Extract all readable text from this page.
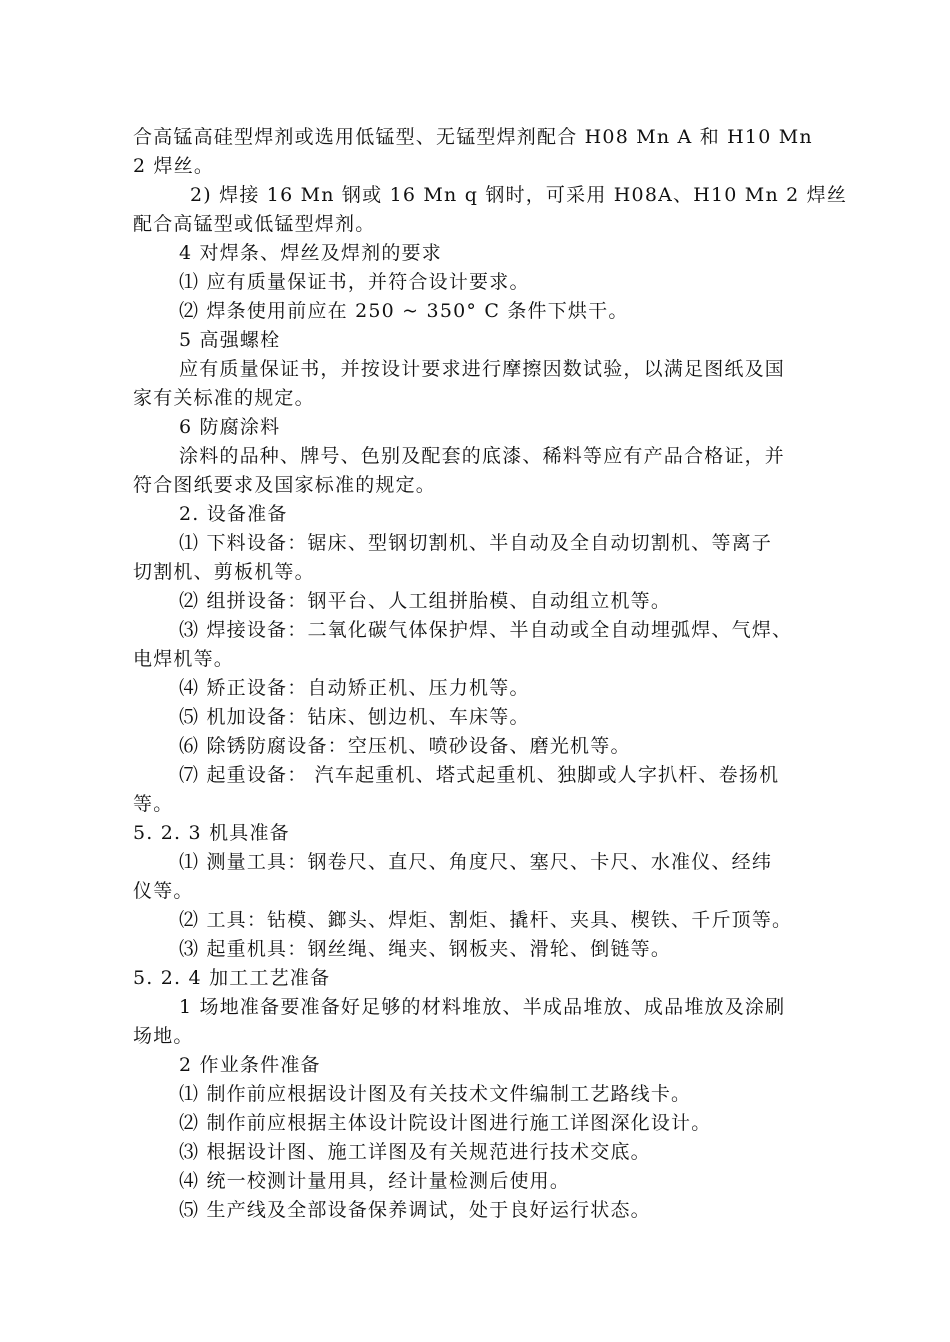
合高锰高硅型焊剂或选用低锰型、无锰型焊剂配合 H08 Mn A 和 H10 Mn
2 焊丝。
2) 焊接 16 Mn 钢或 16 Mn q 钢时，可采用 H08A、H10 Mn 2 焊丝
配合高锰型或低锰型焊剂。
4 对焊条、焊丝及焊剂的要求
⑴ 应有质量保证书，并符合设计要求。
⑵ 焊条使用前应在 250 ~ 350° C 条件下烘干。
5 高强螺栓
应有质量保证书，并按设计要求进行摩擦因数试验，以满足图纸及国
家有关标准的规定。
6 防腐涂料
涂料的品种、牌号、色别及配套的底漆、稀料等应有产品合格证，并
符合图纸要求及国家标准的规定。
2. 设备准备
⑴ 下料设备：锯床、型钢切割机、半自动及全自动切割机、等离子
切割机、剪板机等。
⑵ 组拼设备：钢平台、人工组拼胎模、自动组立机等。
⑶ 焊接设备：二氧化碳气体保护焊、半自动或全自动埋弧焊、气焊、
电焊机等。
⑷ 矫正设备：自动矫正机、压力机等。
⑸ 机加设备：钻床、刨边机、车床等。
⑹ 除锈防腐设备：空压机、喷砂设备、磨光机等。
⑺ 起重设备： 汽车起重机、塔式起重机、独脚或人字扒杆、卷扬机
等。
5. 2. 3 机具准备
⑴ 测量工具：钢卷尺、直尺、角度尺、塞尺、卡尺、水准仪、经纬
仪等。
⑵ 工具：钻模、鎯头、焊炬、割炬、撬杆、夹具、楔铁、千斤顶等。
⑶ 起重机具：钢丝绳、绳夹、钢板夹、滑轮、倒链等。
5. 2. 4 加工工艺准备
1 场地准备要准备好足够的材料堆放、半成品堆放、成品堆放及涂刷
场地。
2 作业条件准备
⑴ 制作前应根据设计图及有关技术文件编制工艺路线卡。
⑵ 制作前应根据主体设计院设计图进行施工详图深化设计。
⑶ 根据设计图、施工详图及有关规范进行技术交底。
⑷ 统一校测计量用具，经计量检测后使用。
⑸ 生产线及全部设备保养调试，处于良好运行状态。
